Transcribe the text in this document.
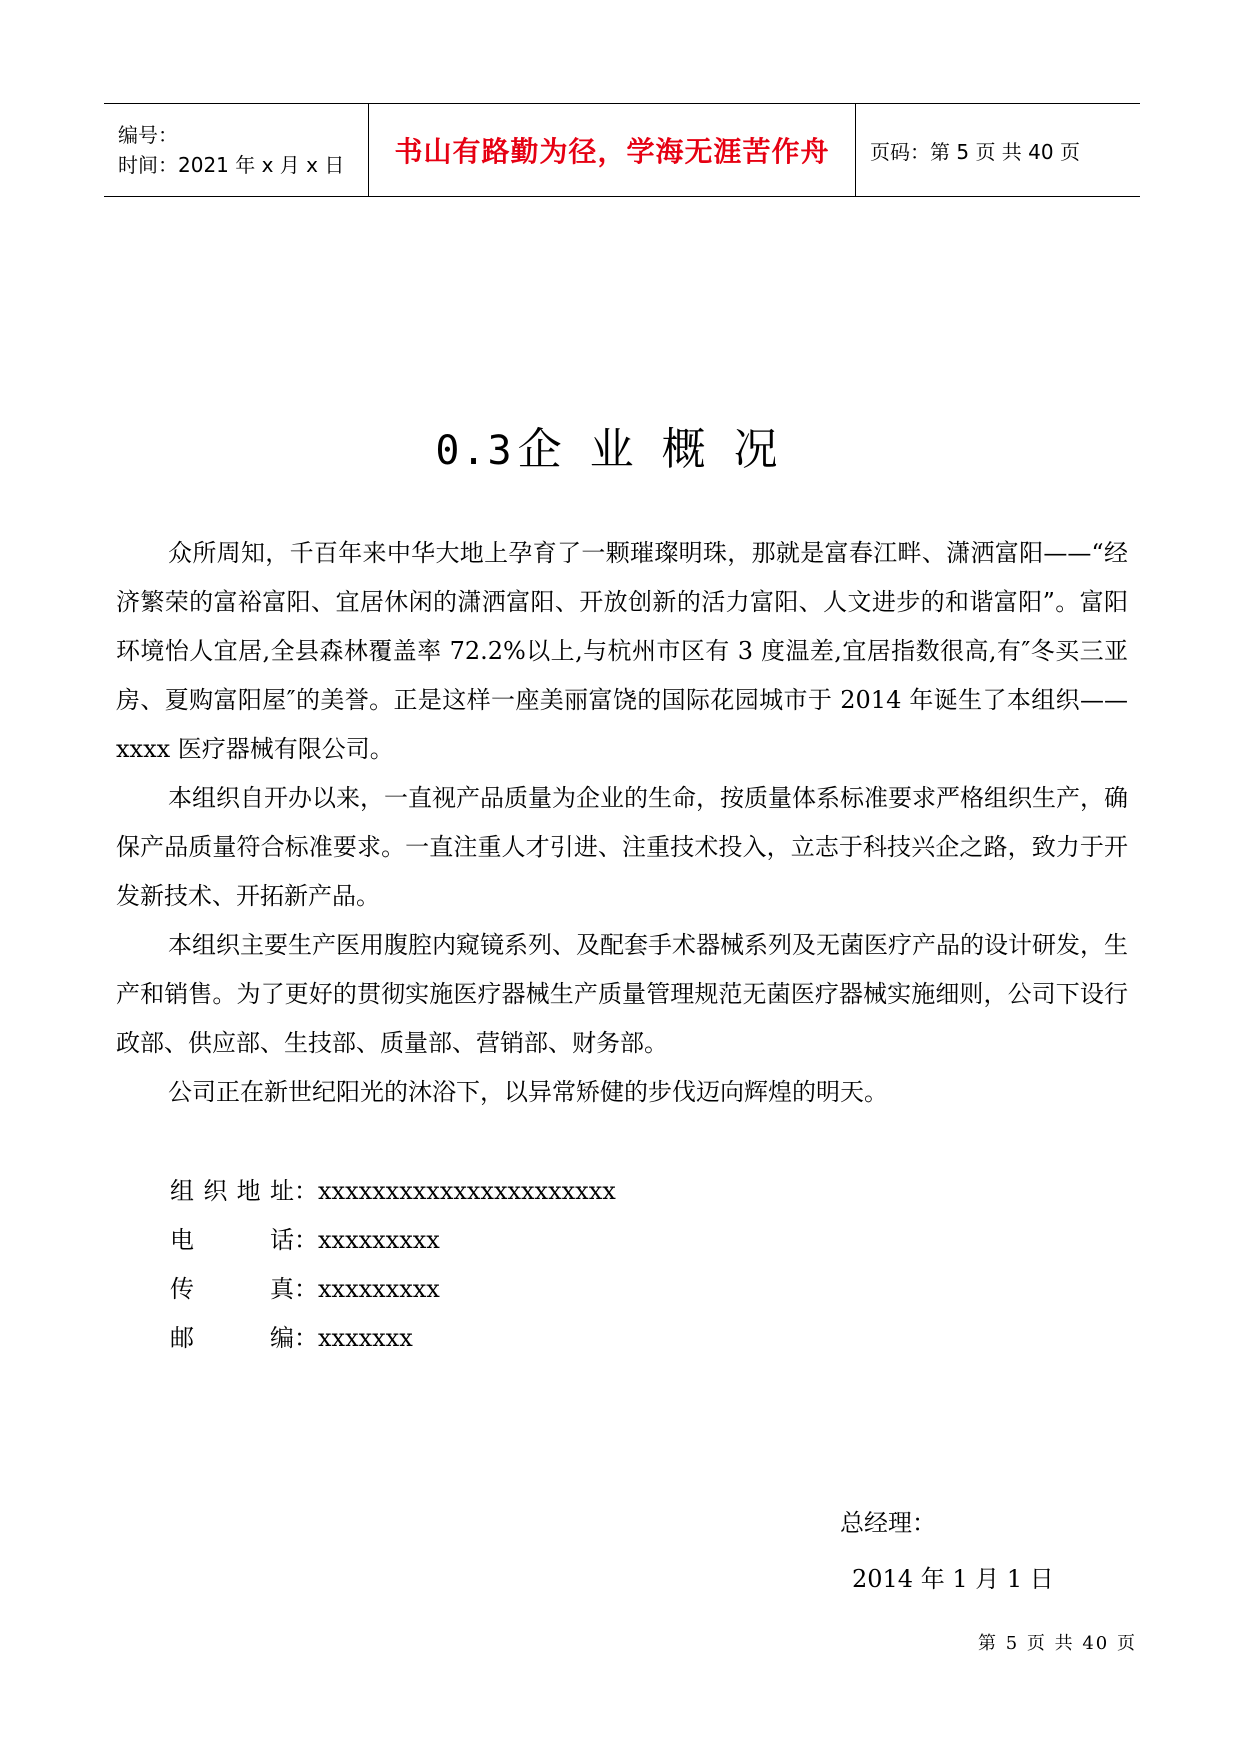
编号：
时间：2021 年 x 月 x 日	书山有路勤为径，学海无涯苦作舟 页码：第 5 页 共 40 页
0.3企 业 概 况

众所周知，千百年来中华大地上孕育了一颗璀璨明珠，那就是富春江畔、潇洒富阳——“经济繁荣的富裕富阳、宜居休闲的潇洒富阳、开放创新的活力富阳、人文进步的和谐富阳”。富阳环境怡人宜居,全县森林覆盖率 72.2%以上,与杭州市区有 3 度温差,宜居指数很高,有″冬买三亚房、夏购富阳屋″的美誉。正是这样一座美丽富饶的国际花园城市于 2014 年诞生了本组织——xxxx 医疗器械有限公司。

本组织自开办以来，一直视产品质量为企业的生命，按质量体系标准要求严格组织生产，确保产品质量符合标准要求。一直注重人才引进、注重技术投入，立志于科技兴企之路，致力于开发新技术、开拓新产品。

本组织主要生产医用腹腔内窥镜系列、及配套手术器械系列及无菌医疗产品的设计研发，生产和销售。为了更好的贯彻实施医疗器械生产质量管理规范无菌医疗器械实施细则，公司下设行政部、供应部、生技部、质量部、营销部、财务部。

公司正在新世纪阳光的沐浴下，以异常矫健的步伐迈向辉煌的明天。

组织地址：xxxxxxxxxxxxxxxxxxxxxx
电话：xxxxxxxxx
传真：xxxxxxxxx
邮编：xxxxxxx
总经理：
2014 年 1 月 1 日
第 5 页 共 40 页
